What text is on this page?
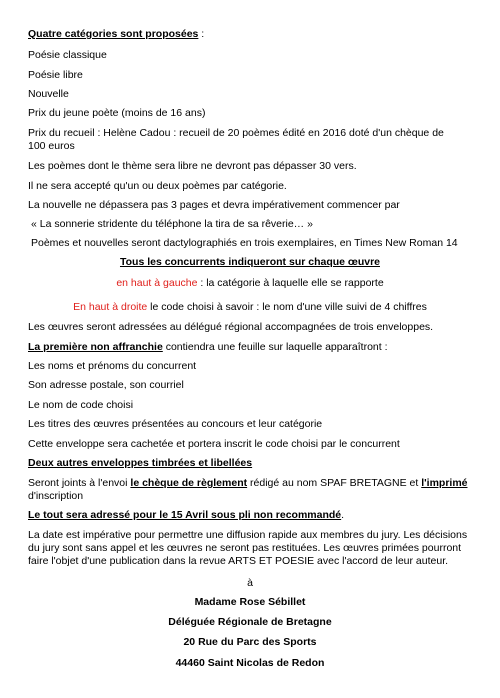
Quatre catégories sont proposées :
Poésie classique
Poésie libre
Nouvelle
Prix du jeune poète (moins de 16 ans)
Prix du recueil : Helène Cadou : recueil de 20 poèmes édité en 2016 doté d'un chèque de
100 euros
Les poèmes dont le thème sera libre ne devront pas dépasser 30 vers.
Il ne sera accepté qu'un ou deux poèmes par catégorie.
La nouvelle ne dépassera pas 3 pages et devra impérativement commencer par
« La sonnerie stridente du téléphone la tira de sa rêverie… »
Poèmes et nouvelles seront dactylographiés en trois exemplaires, en Times New Roman 14
Tous les concurrents indiqueront sur chaque œuvre
en haut à gauche : la catégorie à laquelle elle se rapporte
En haut à droite le code choisi à savoir : le nom d'une ville suivi de 4 chiffres
Les œuvres seront adressées au délégué régional accompagnées de trois enveloppes.
La première non affranchie contiendra une feuille sur laquelle apparaîtront :
Les noms et prénoms du concurrent
Son adresse postale, son courriel
Le nom de code choisi
Les titres des œuvres présentées au concours et leur catégorie
Cette enveloppe sera cachetée et portera inscrit le code choisi par le concurrent
Deux autres enveloppes timbrées et libellées
Seront joints à l'envoi le chèque de règlement rédigé au nom SPAF BRETAGNE et l'imprimé
d'inscription
Le tout sera adressé pour le 15 Avril sous pli non recommandé.
La date est impérative pour permettre une diffusion rapide aux membres du jury. Les décisions du jury sont sans appel et les œuvres ne seront pas restituées. Les œuvres primées pourront faire l'objet d'une publication dans la revue ARTS ET POESIE avec l'accord de leur auteur.
à
Madame Rose Sébillet
Déléguée Régionale de Bretagne
20 Rue du Parc des Sports
44460 Saint Nicolas de Redon
